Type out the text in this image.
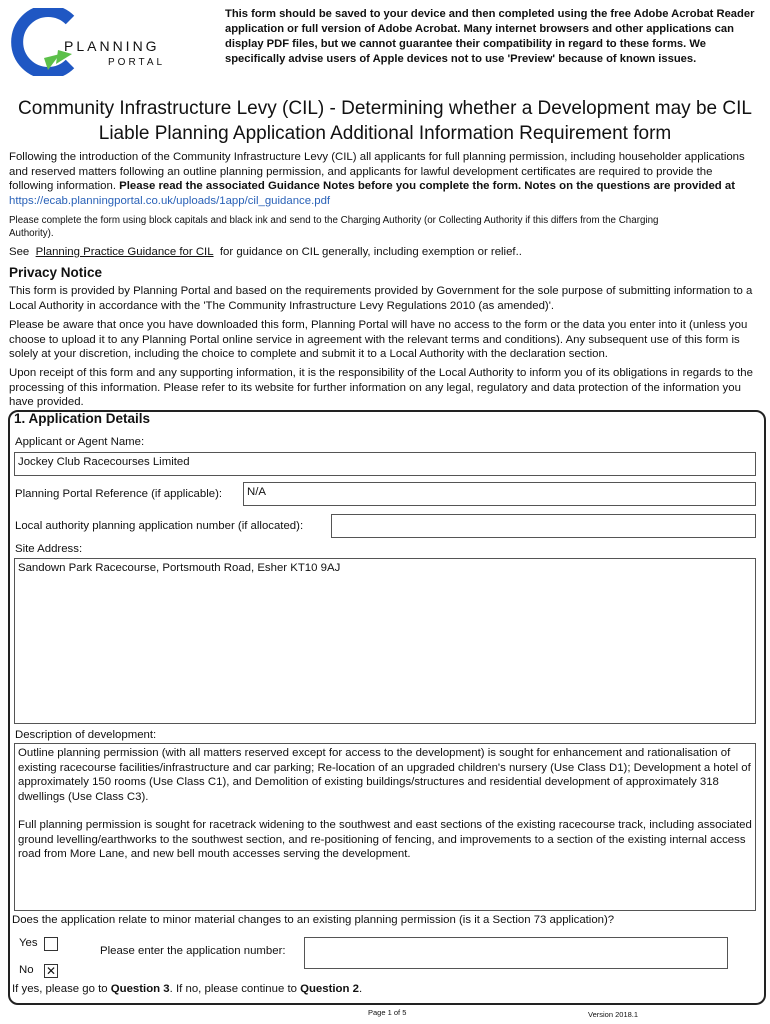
PLANNING
PORTAL
This form should be saved to your device and then completed using the free Adobe Acrobat Reader application or full version of Adobe Acrobat. Many internet browsers and other applications can display PDF files, but we cannot guarantee their compatibility in regard to these forms. We specifically advise users of Apple devices not to use 'Preview' because of known issues.
Community Infrastructure Levy (CIL) - Determining whether a Development may be CIL Liable Planning Application Additional Information Requirement form
Following the introduction of the Community Infrastructure Levy (CIL) all applicants for full planning permission, including householder applications and reserved matters following an outline planning permission, and applicants for lawful development certificates are required to provide the following information. Please read the associated Guidance Notes before you complete the form. Notes on the questions are provided at https://ecab.planningportal.co.uk/uploads/1app/cil_guidance.pdf
Please complete the form using block capitals and black ink and send to the Charging Authority (or Collecting Authority if this differs from the Charging Authority).
See Planning Practice Guidance for CIL for guidance on CIL generally, including exemption or relief..
Privacy Notice
This form is provided by Planning Portal and based on the requirements provided by Government for the sole purpose of submitting information to a Local Authority in accordance with the 'The Community Infrastructure Levy Regulations 2010 (as amended)'.
Please be aware that once you have downloaded this form, Planning Portal will have no access to the form or the data you enter into it (unless you choose to upload it to any Planning Portal online service in agreement with the relevant terms and conditions). Any subsequent use of this form is solely at your discretion, including the choice to complete and submit it to a Local Authority with the declaration section.
Upon receipt of this form and any supporting information, it is the responsibility of the Local Authority to inform you of its obligations in regards to the processing of this information. Please refer to its website for further information on any legal, regulatory and data protection of the information you have provided.
1. Application Details
Applicant or Agent Name:
Jockey Club Racecourses Limited
Planning Portal Reference (if applicable):	N/A
Local authority planning application number (if allocated):
Site Address:
Sandown Park Racecourse, Portsmouth Road, Esher KT10 9AJ
Description of development:
Outline planning permission (with all matters reserved except for access to the development) is sought for enhancement and rationalisation of existing racecourse facilities/infrastructure and car parking; Re-location of an upgraded children's nursery (Use Class D1); Development a hotel of approximately 150 rooms (Use Class C1), and Demolition of existing buildings/structures and residential development of approximately 318 dwellings (Use Class C3).
Full planning permission is sought for racetrack widening to the southwest and east sections of the existing racecourse track, including associated ground levelling/earthworks to the southwest section, and re-positioning of fencing, and improvements to a section of the existing internal access road from More Lane, and new bell mouth accesses serving the development.
Does the application relate to minor material changes to an existing planning permission (is it a Section 73 application)?
Yes
Please enter the application number:
No ✕
If yes, please go to Question 3. If no, please continue to Question 2.
Page 1 of 5	Version 2018.1
